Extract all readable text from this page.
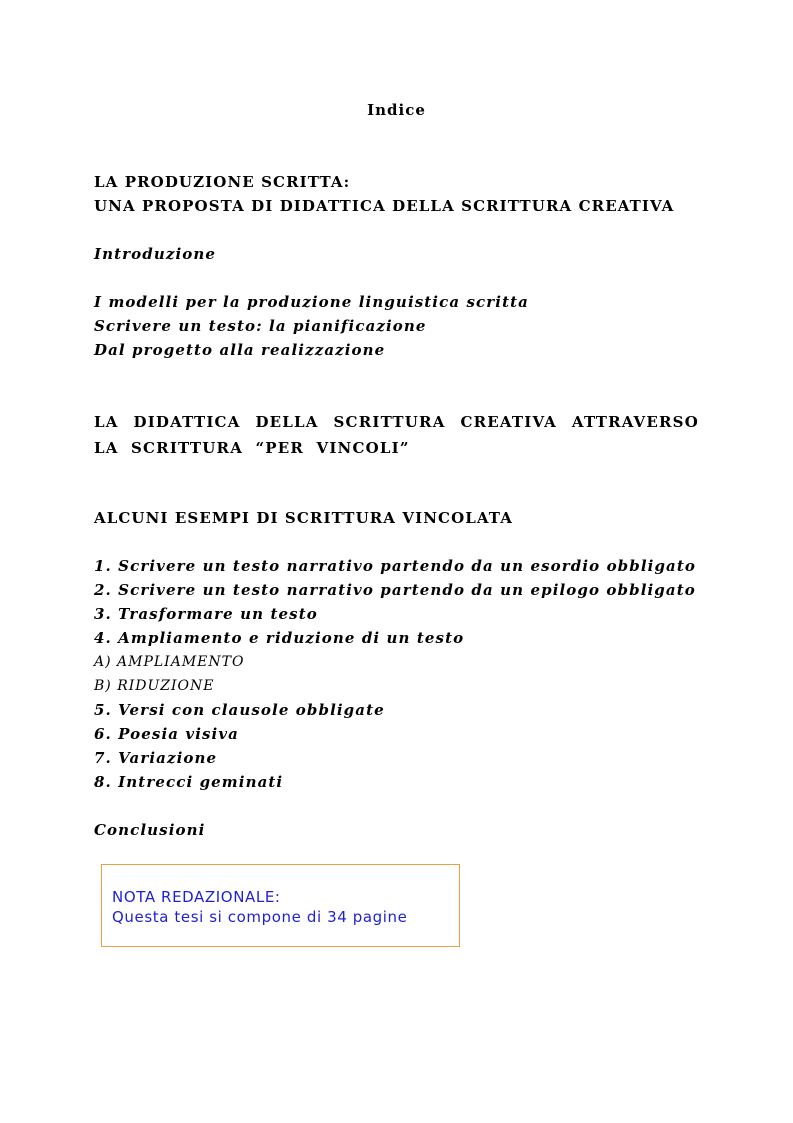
Indice
LA PRODUZIONE SCRITTA:
UNA PROPOSTA DI DIDATTICA DELLA SCRITTURA CREATIVA
Introduzione
I modelli per la produzione linguistica scritta
Scrivere un testo: la pianificazione
Dal progetto alla realizzazione
LA DIDATTICA DELLA SCRITTURA CREATIVA ATTRAVERSO LA SCRITTURA “PER VINCOLI”
ALCUNI ESEMPI DI SCRITTURA VINCOLATA
1. Scrivere un testo narrativo partendo da un esordio obbligato
2. Scrivere un testo narrativo partendo da un epilogo obbligato
3. Trasformare un testo
4. Ampliamento e riduzione di un testo
A) AMPLIAMENTO
B) RIDUZIONE
5. Versi con clausole obbligate
6. Poesia visiva
7. Variazione
8. Intrecci geminati
Conclusioni
NOTA REDAZIONALE:
Questa tesi si compone di 34 pagine
